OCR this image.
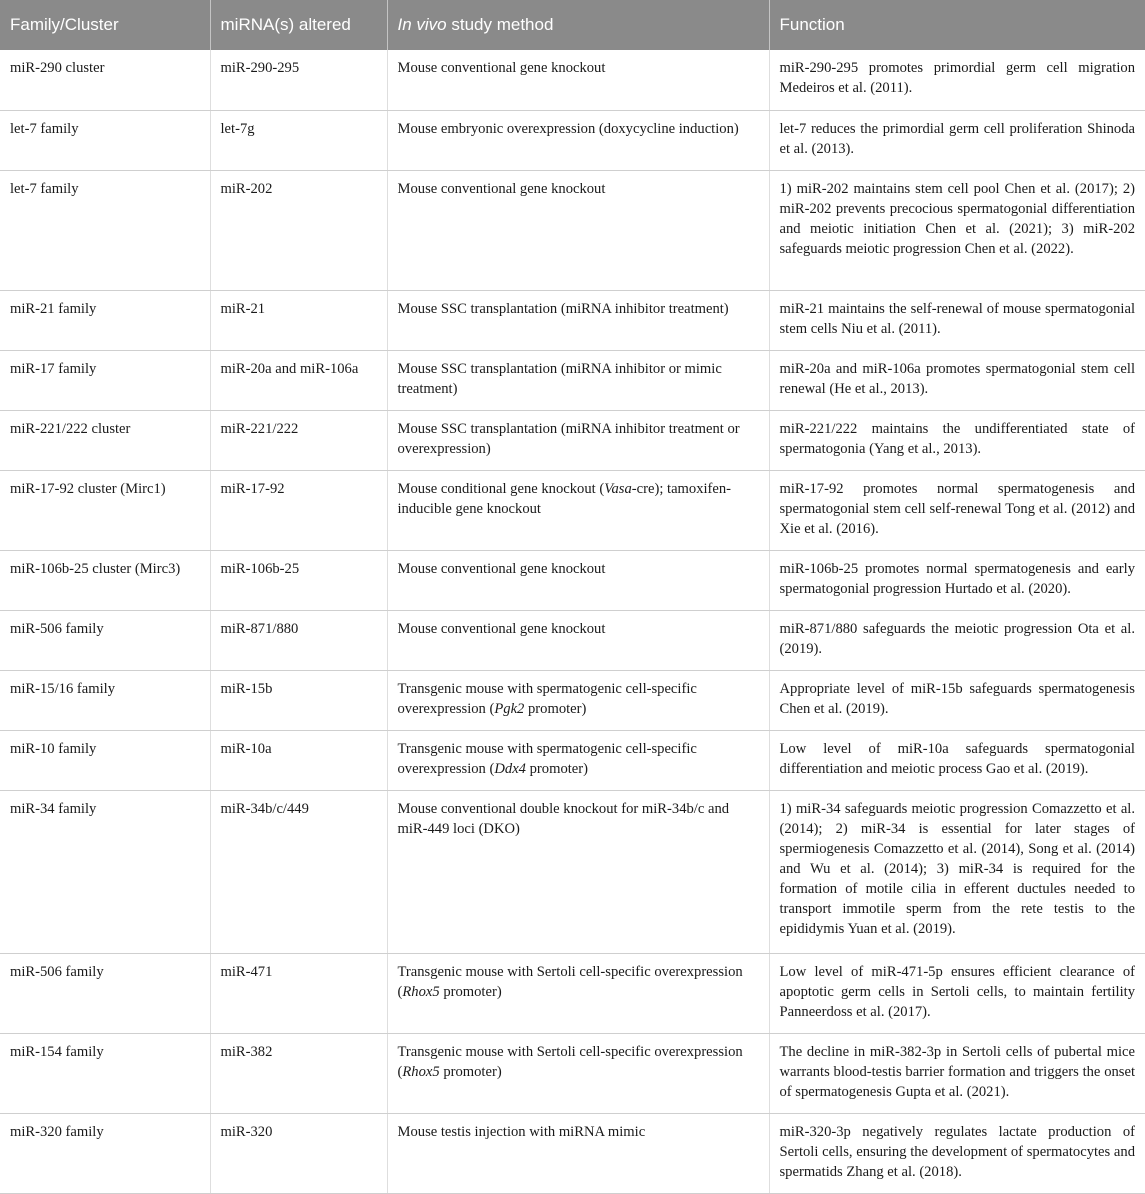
Family/Cluster	miRNA(s) altered	In vivo study method	Function
miR-290 cluster	miR-290-295	Mouse conventional gene knockout	miR-290-295 promotes primordial germ cell migration Medeiros et al. (2011).
let-7 family	let-7g	Mouse embryonic overexpression (doxycycline induction)	let-7 reduces the primordial germ cell proliferation Shinoda et al. (2013).
let-7 family	miR-202	Mouse conventional gene knockout	1) miR-202 maintains stem cell pool Chen et al. (2017); 2) miR-202 prevents precocious spermatogonial differentiation and meiotic initiation Chen et al. (2021); 3) miR-202 safeguards meiotic progression Chen et al. (2022).
miR-21 family	miR-21	Mouse SSC transplantation (miRNA inhibitor treatment)	miR-21 maintains the self-renewal of mouse spermatogonial stem cells Niu et al. (2011).
miR-17 family	miR-20a and miR-106a	Mouse SSC transplantation (miRNA inhibitor or mimic treatment)	miR-20a and miR-106a promotes spermatogonial stem cell renewal (He et al., 2013).
miR-221/222 cluster	miR-221/222	Mouse SSC transplantation (miRNA inhibitor treatment or overexpression)	miR-221/222 maintains the undifferentiated state of spermatogonia (Yang et al., 2013).
miR-17-92 cluster (Mirc1)	miR-17-92	Mouse conditional gene knockout (Vasa-cre); tamoxifen-inducible gene knockout	miR-17-92 promotes normal spermatogenesis and spermatogonial stem cell self-renewal Tong et al. (2012) and Xie et al. (2016).
miR-106b-25 cluster (Mirc3)	miR-106b-25	Mouse conventional gene knockout	miR-106b-25 promotes normal spermatogenesis and early spermatogonial progression Hurtado et al. (2020).
miR-506 family	miR-871/880	Mouse conventional gene knockout	miR-871/880 safeguards the meiotic progression Ota et al. (2019).
miR-15/16 family	miR-15b	Transgenic mouse with spermatogenic cell-specific overexpression (Pgk2 promoter)	Appropriate level of miR-15b safeguards spermatogenesis Chen et al. (2019).
miR-10 family	miR-10a	Transgenic mouse with spermatogenic cell-specific overexpression (Ddx4 promoter)	Low level of miR-10a safeguards spermatogonial differentiation and meiotic process Gao et al. (2019).
miR-34 family	miR-34b/c/449	Mouse conventional double knockout for miR-34b/c and miR-449 loci (DKO)	1) miR-34 safeguards meiotic progression Comazzetto et al. (2014); 2) miR-34 is essential for later stages of spermiogenesis Comazzetto et al. (2014), Song et al. (2014) and Wu et al. (2014); 3) miR-34 is required for the formation of motile cilia in efferent ductules needed to transport immotile sperm from the rete testis to the epididymis Yuan et al. (2019).
miR-506 family	miR-471	Transgenic mouse with Sertoli cell-specific overexpression (Rhox5 promoter)	Low level of miR-471-5p ensures efficient clearance of apoptotic germ cells in Sertoli cells, to maintain fertility Panneerdoss et al. (2017).
miR-154 family	miR-382	Transgenic mouse with Sertoli cell-specific overexpression (Rhox5 promoter)	The decline in miR-382-3p in Sertoli cells of pubertal mice warrants blood-testis barrier formation and triggers the onset of spermatogenesis Gupta et al. (2021).
miR-320 family	miR-320	Mouse testis injection with miRNA mimic	miR-320-3p negatively regulates lactate production of Sertoli cells, ensuring the development of spermatocytes and spermatids Zhang et al. (2018).
